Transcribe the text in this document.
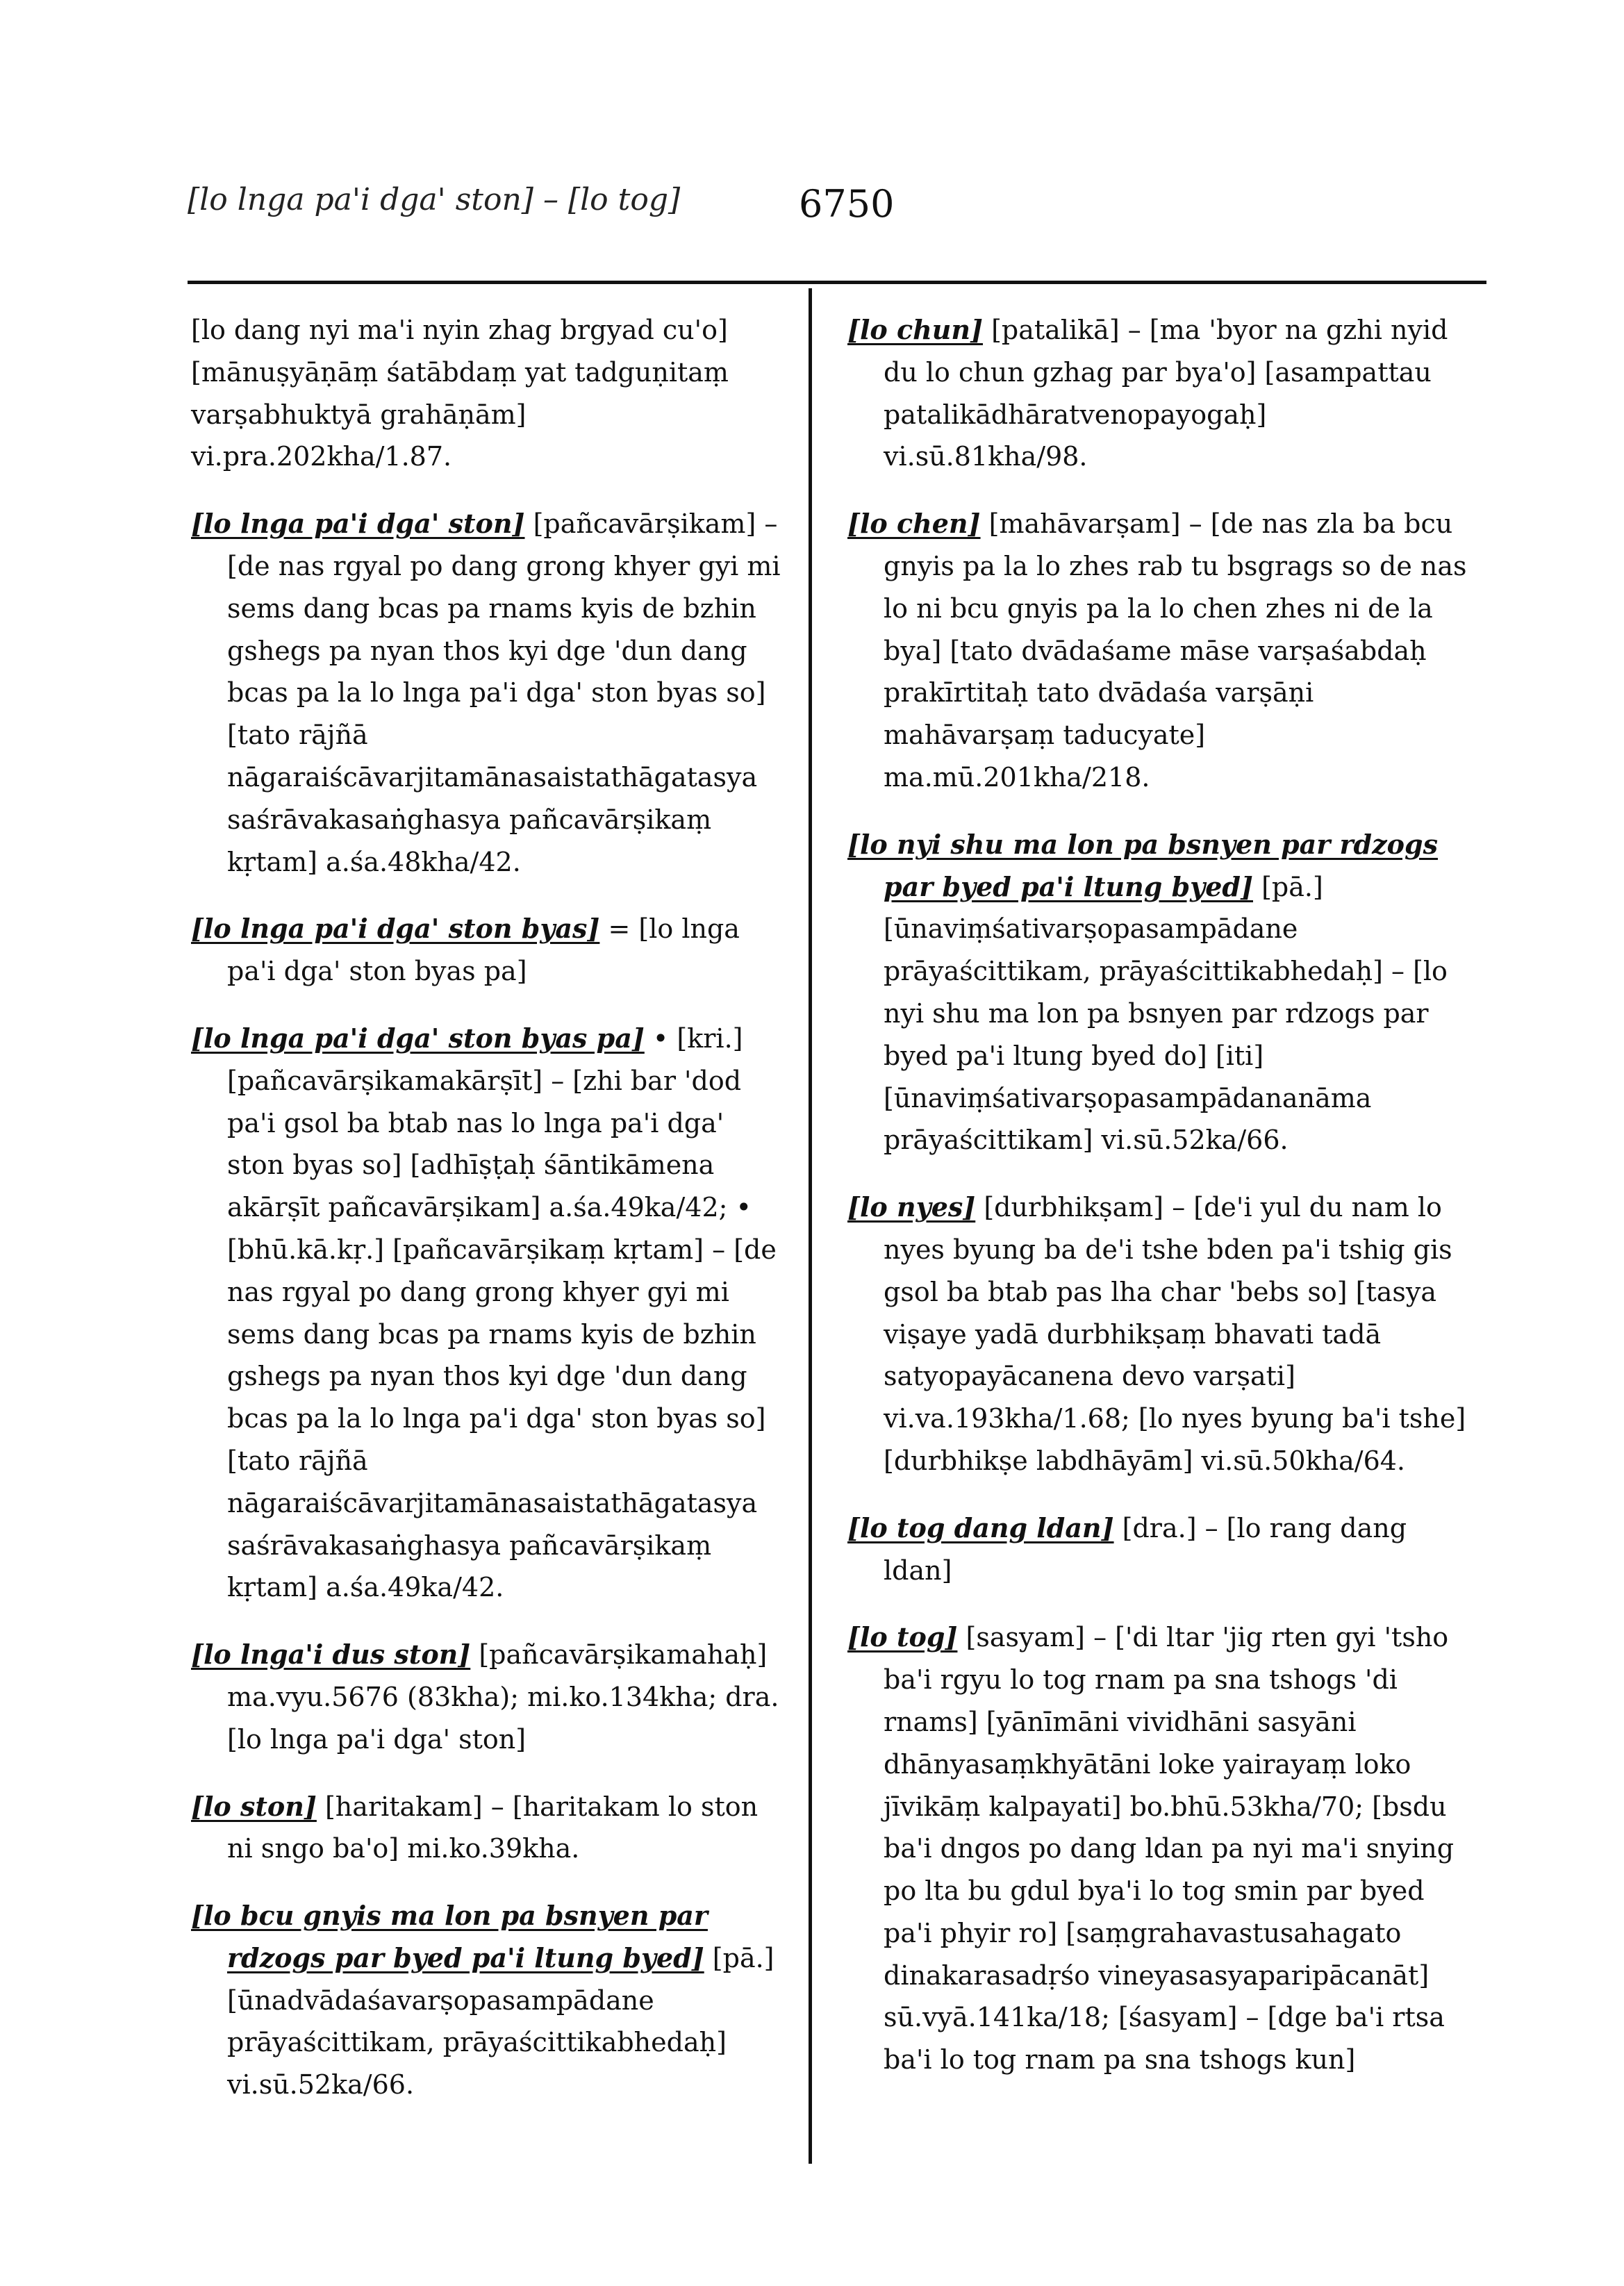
[lo lnga pa'i dga' ston] – [lo tog]	6750

[lo dang nyi ma'i nyin zhag brgyad cu'o] [mānuṣyāṇāṃ śatābdaṃ yat tadguṇitaṃ varṣabhuktyā grahāṇām] vi.pra.202kha/1.87.

[lo lnga pa'i dga' ston] [pañcavārṣikam] – [de nas rgyal po dang grong khyer gyi mi sems dang bcas pa rnams kyis de bzhin gshegs pa nyan thos kyi dge 'dun dang bcas pa la lo lnga pa'i dga' ston byas so] [tato rājñā nāgaraiścāvarjitamānasaistathāgatasya saśrāvakasaṅghasya pañcavārṣikaṃ kṛtam] a.śa.48kha/42.

[lo lnga pa'i dga' ston byas] = [lo lnga pa'i dga' ston byas pa]

[lo lnga pa'i dga' ston byas pa] • [kri.] [pañcavārṣikamakārṣīt] – [zhi bar 'dod pa'i gsol ba btab nas lo lnga pa'i dga' ston byas so] [adhīṣṭaḥ śāntikāmena akārṣīt pañcavārṣikam] a.śa.49ka/42; • [bhū.kā.kṛ.] [pañcavārṣikaṃ kṛtam] – [de nas rgyal po dang grong khyer gyi mi sems dang bcas pa rnams kyis de bzhin gshegs pa nyan thos kyi dge 'dun dang bcas pa la lo lnga pa'i dga' ston byas so] [tato rājñā nāgaraiścāvarjitamānasaistathāgatasya saśrāvakasaṅghasya pañcavārṣikaṃ kṛtam] a.śa.49ka/42.

[lo lnga'i dus ston] [pañcavārṣikamahaḥ] ma.vyu.5676 (83kha); mi.ko.134kha; dra. [lo lnga pa'i dga' ston]

[lo ston] [haritakam] – [haritakam lo ston ni sngo ba'o] mi.ko.39kha.

[lo bcu gnyis ma lon pa bsnyen par rdzogs par byed pa'i ltung byed] [pā.] [ūnadvādaśavarṣopasampādane prāyaścittikam, prāyaścittikabhedaḥ] vi.sū.52ka/66.

[lo chun] [patalikā] – [ma 'byor na gzhi nyid du lo chun gzhag par bya'o] [asampattau patalikādhāratvenopayogaḥ] vi.sū.81kha/98.

[lo chen] [mahāvarṣam] – [de nas zla ba bcu gnyis pa la lo zhes rab tu bsgrags so de nas lo ni bcu gnyis pa la lo chen zhes ni de la bya] [tato dvādaśame māse varṣaśabdaḥ prakīrtitaḥ tato dvādaśa varṣāṇi mahāvarṣaṃ taducyate] ma.mū.201kha/218.

[lo nyi shu ma lon pa bsnyen par rdzogs par byed pa'i ltung byed] [pā.] [ūnaviṃśativarṣopasampādane prāyaścittikam, prāyaścittikabhedaḥ] – [lo nyi shu ma lon pa bsnyen par rdzogs par byed pa'i ltung byed do] [iti] [ūnaviṃśativarṣopasampādananāma prāyaścittikam] vi.sū.52ka/66.

[lo nyes] [durbhikṣam] – [de'i yul du nam lo nyes byung ba de'i tshe bden pa'i tshig gis gsol ba btab pas lha char 'bebs so] [tasya viṣaye yadā durbhikṣaṃ bhavati tadā satyopayācanena devo varṣati] vi.va.193kha/1.68; [lo nyes byung ba'i tshe] [durbhikṣe labdhāyām] vi.sū.50kha/64.

[lo tog dang ldan] [dra.] – [lo rang dang ldan]

[lo tog] [sasyam] – ['di ltar 'jig rten gyi 'tsho ba'i rgyu lo tog rnam pa sna tshogs 'di rnams] [yānīmāni vividhāni sasyāni dhānyasaṃkhyātāni loke yairayaṃ loko jīvikāṃ kalpayati] bo.bhū.53kha/70; [bsdu ba'i dngos po dang ldan pa nyi ma'i snying po lta bu gdul bya'i lo tog smin par byed pa'i phyir ro] [saṃgrahavastusahagato dinakarasadṛśo vineyasasyaparipācanāt] sū.vyā.141ka/18; [śasyam] – [dge ba'i rtsa ba'i lo tog rnam pa sna tshogs kun]
